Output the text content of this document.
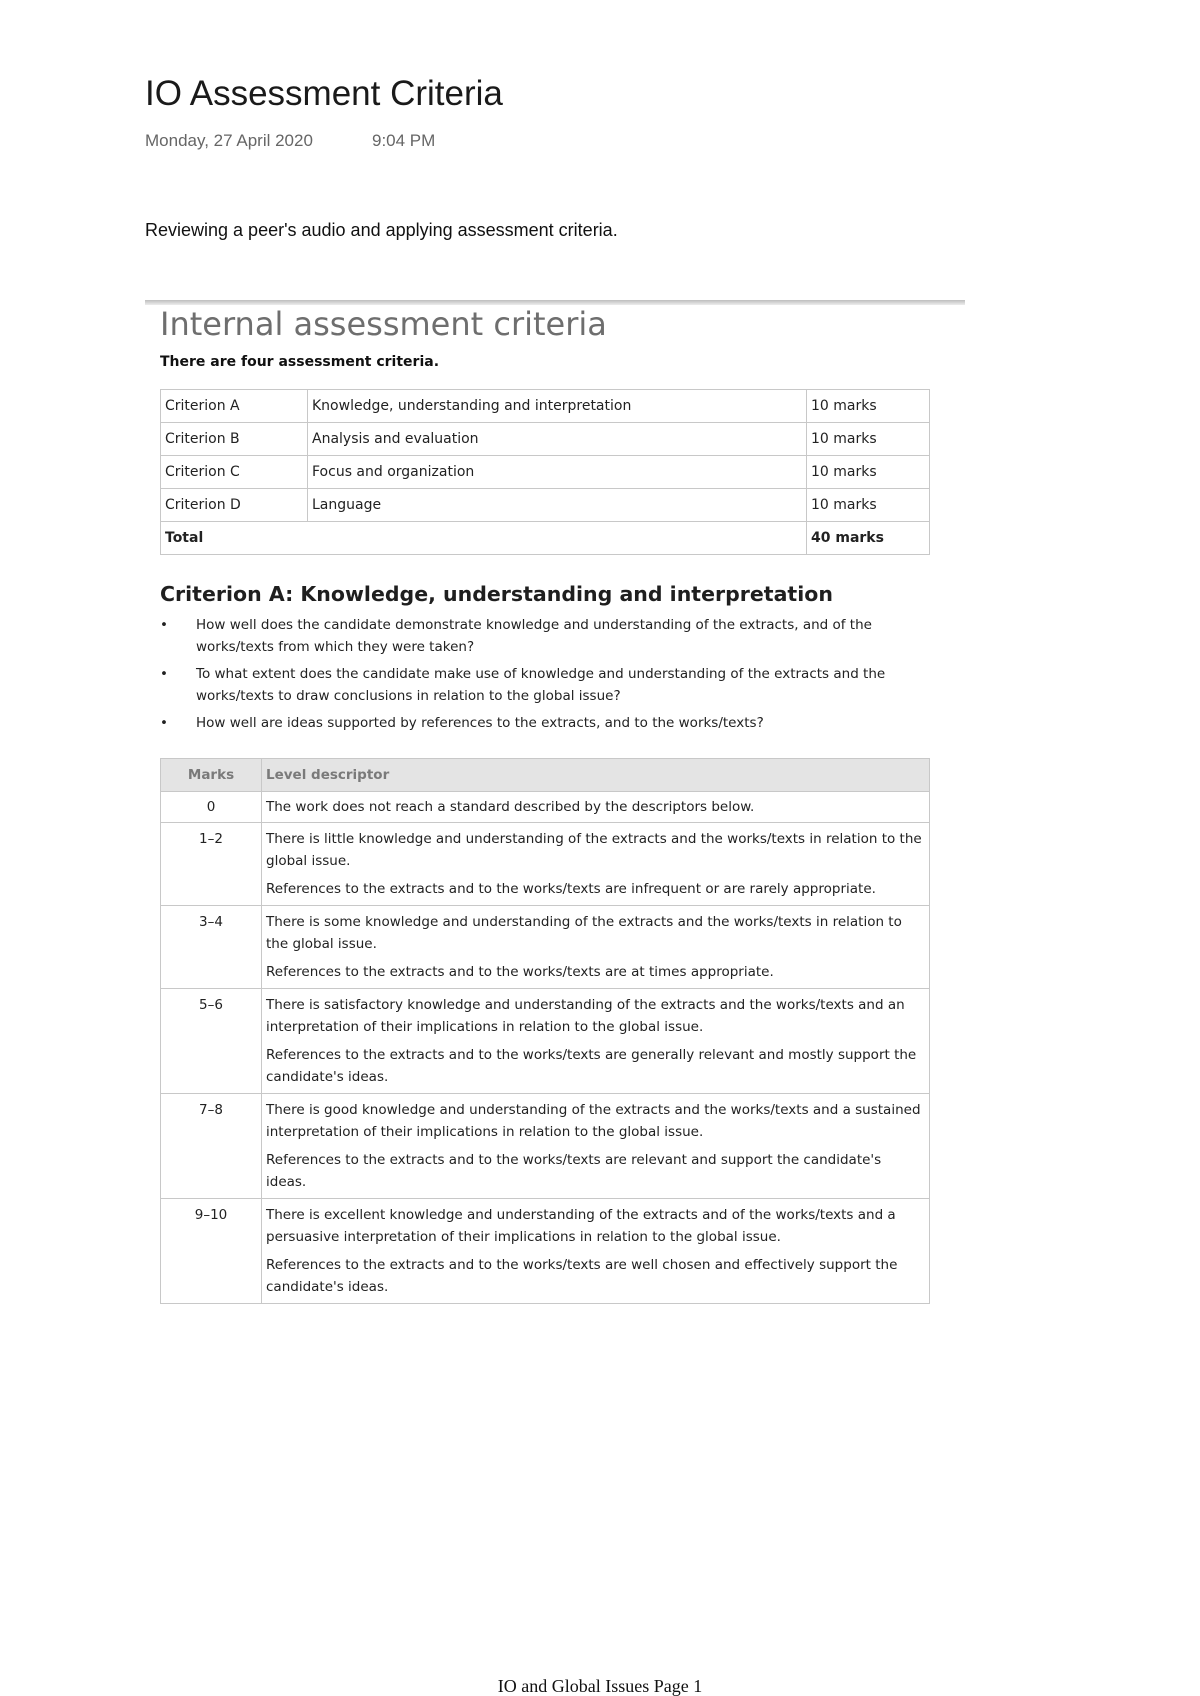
IO Assessment Criteria
Monday, 27 April 2020	9:04 PM
Reviewing a peer's audio and applying assessment criteria.
Internal assessment criteria
There are four assessment criteria.
Criterion A	Knowledge, understanding and interpretation	10 marks
Criterion B	Analysis and evaluation	10 marks
Criterion C	Focus and organization	10 marks
Criterion D	Language	10 marks
Total		40 marks
Criterion A: Knowledge, understanding and interpretation
• How well does the candidate demonstrate knowledge and understanding of the extracts, and of the works/texts from which they were taken?
• To what extent does the candidate make use of knowledge and understanding of the extracts and the works/texts to draw conclusions in relation to the global issue?
• How well are ideas supported by references to the extracts, and to the works/texts?
Marks	Level descriptor
0	The work does not reach a standard described by the descriptors below.

1–2	There is little knowledge and understanding of the extracts and the works/texts in relation to the global issue.

References to the extracts and to the works/texts are infrequent or are rarely appropriate.

3–4	There is some knowledge and understanding of the extracts and the works/texts in relation to the global issue.

References to the extracts and to the works/texts are at times appropriate.

5–6	There is satisfactory knowledge and understanding of the extracts and the works/texts and an interpretation of their implications in relation to the global issue.

References to the extracts and to the works/texts are generally relevant and mostly support the candidate's ideas.

7–8	There is good knowledge and understanding of the extracts and the works/texts and a sustained interpretation of their implications in relation to the global issue.

References to the extracts and to the works/texts are relevant and support the candidate's ideas.

9–10	There is excellent knowledge and understanding of the extracts and of the works/texts and a persuasive interpretation of their implications in relation to the global issue.

References to the extracts and to the works/texts are well chosen and effectively support the candidate's ideas.

IO and Global Issues Page 1
